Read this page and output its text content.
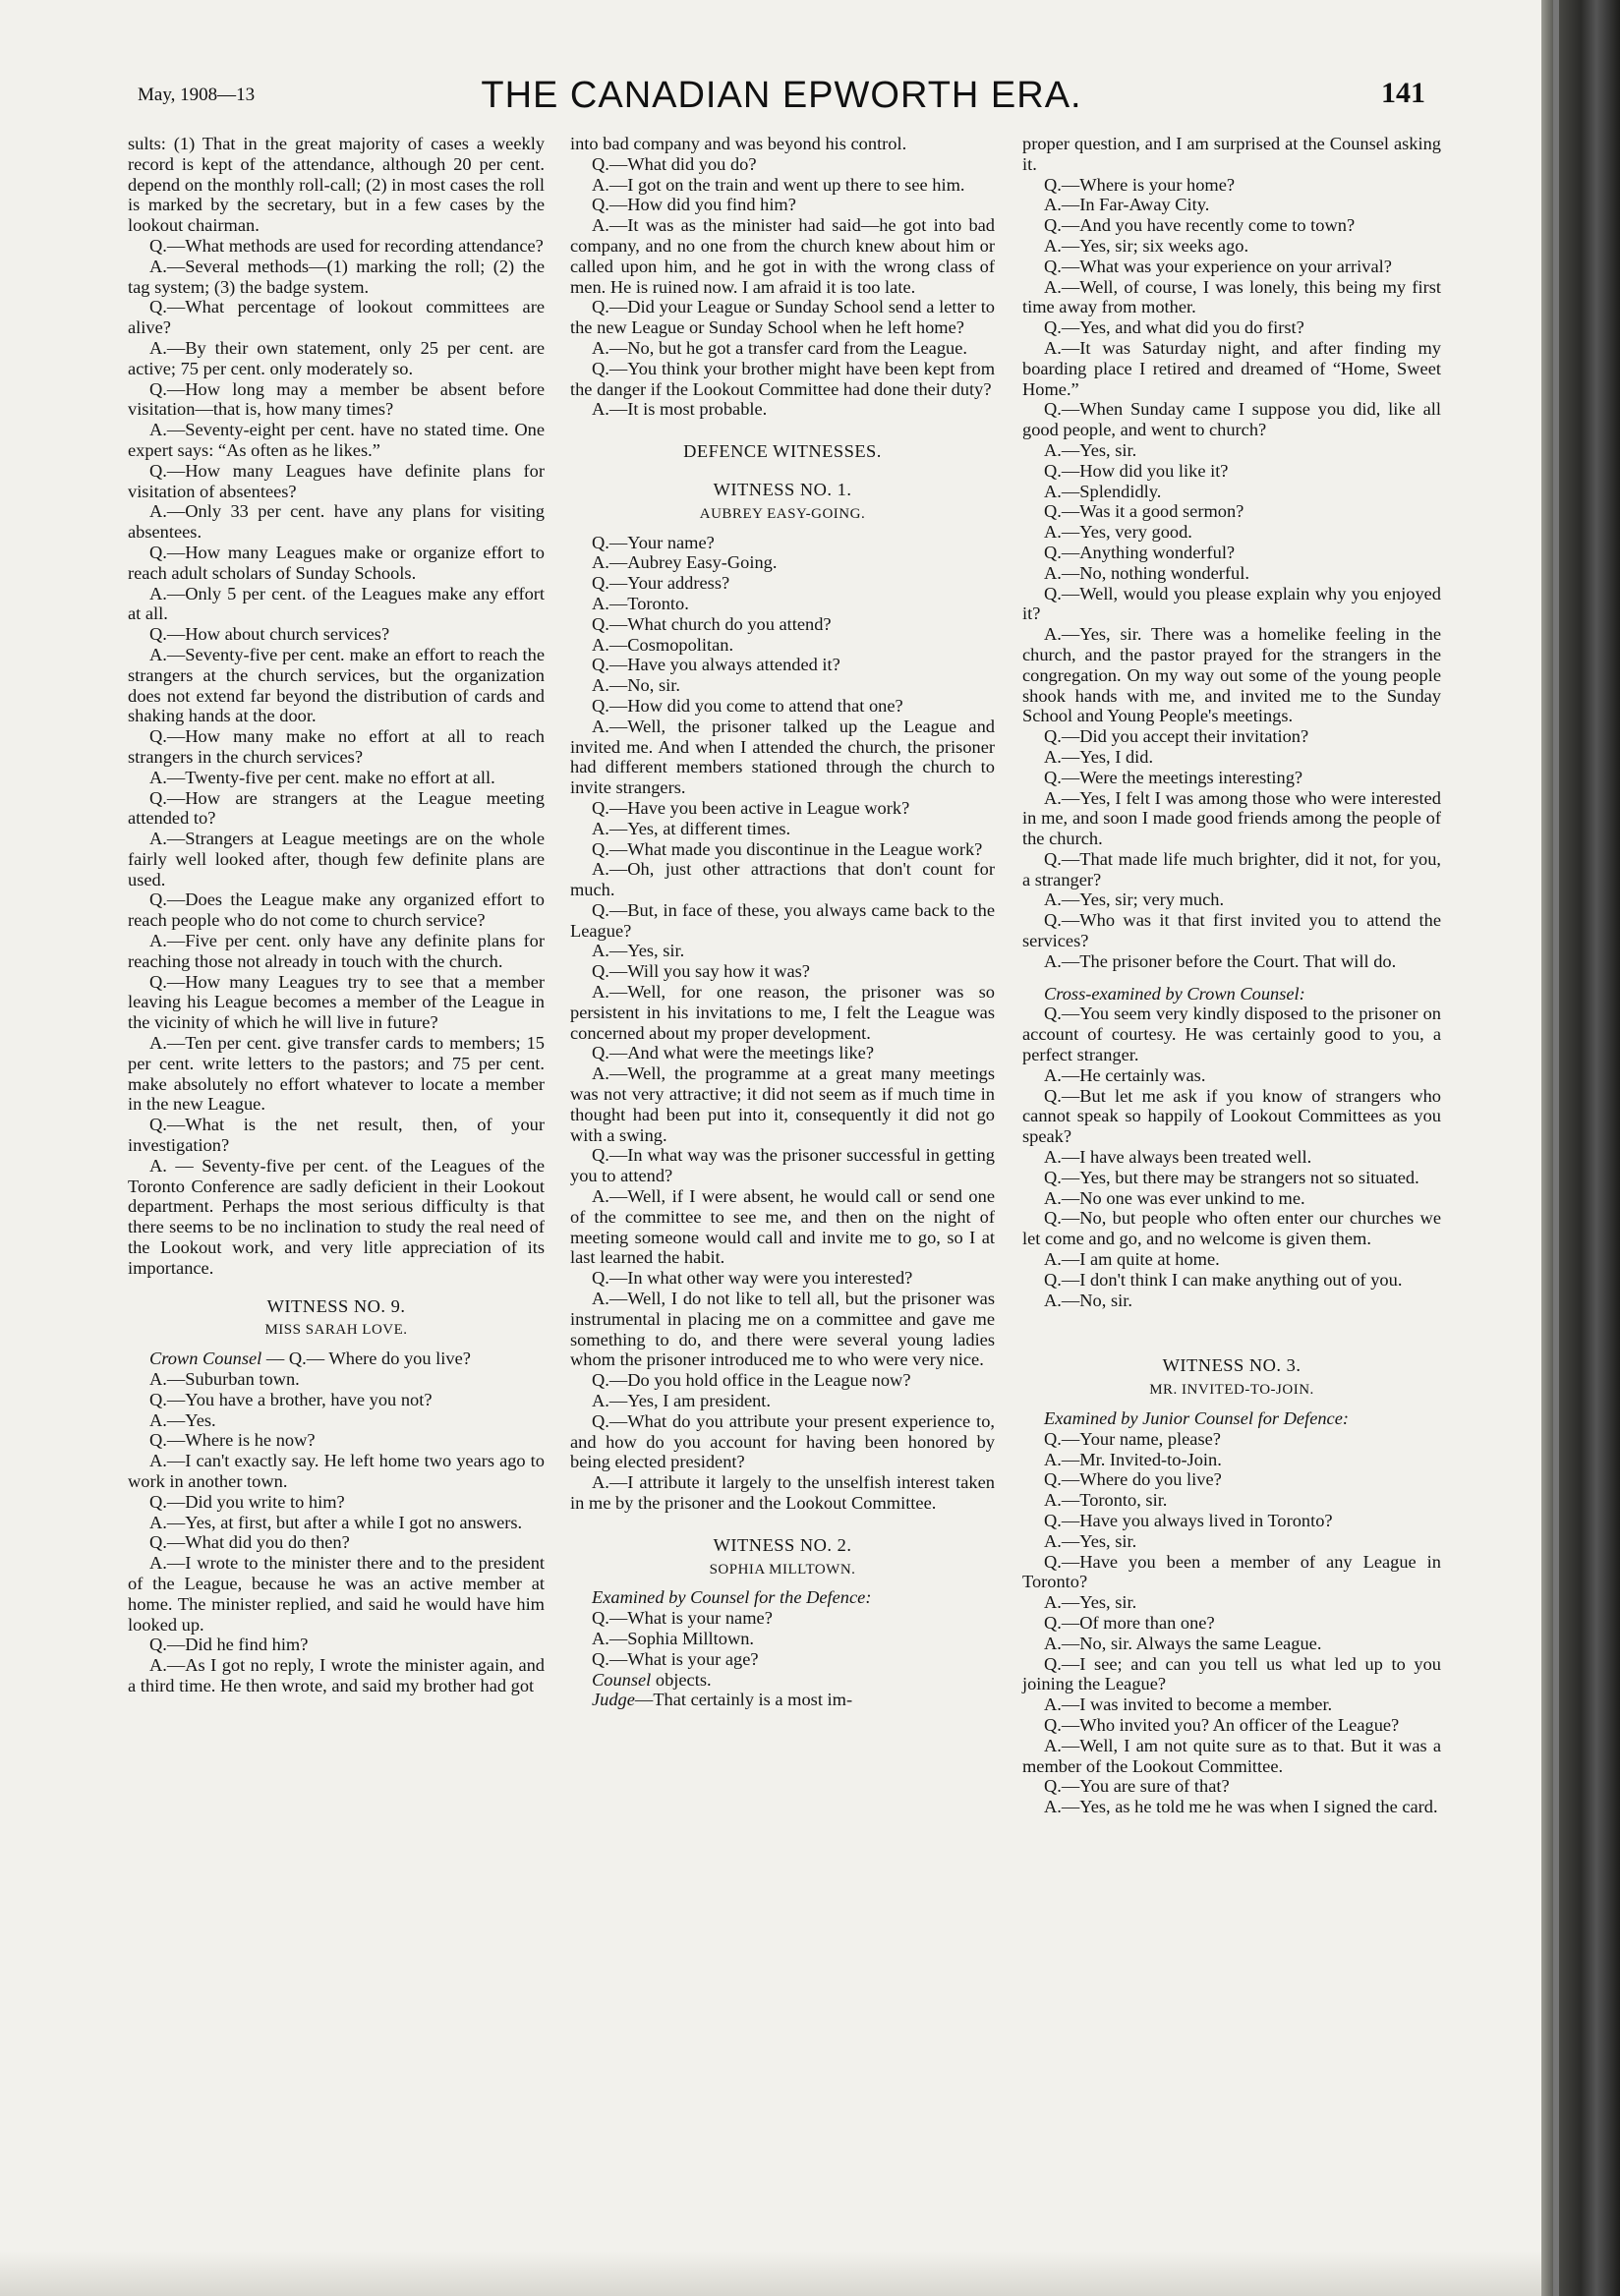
May, 1908—13	THE CANADIAN EPWORTH ERA.	141

sults: (1) That in the great majority of cases a weekly record is kept of the attendance, although 20 per cent. depend on the monthly roll-call; (2) in most cases the roll is marked by the secretary, but in a few cases by the lookout chairman.

Q.—What methods are used for recording attendance?

A.—Several methods—(1) marking the roll; (2) the tag system; (3) the badge system.

Q.—What percentage of lookout committees are alive?

A.—By their own statement, only 25 per cent. are active; 75 per cent. only moderately so.

Q.—How long may a member be absent before visitation—that is, how many times?

A.—Seventy-eight per cent. have no stated time. One expert says: “As often as he likes.”

Q.—How many Leagues have definite plans for visitation of absentees?

A.—Only 33 per cent. have any plans for visiting absentees.

Q.—How many Leagues make or organize effort to reach adult scholars of Sunday Schools.

A.—Only 5 per cent. of the Leagues make any effort at all.

Q.—How about church services?

A.—Seventy-five per cent. make an effort to reach the strangers at the church services, but the organization does not extend far beyond the distribution of cards and shaking hands at the door.

Q.—How many make no effort at all to reach strangers in the church services?

A.—Twenty-five per cent. make no effort at all.

Q.—How are strangers at the League meeting attended to?

A.—Strangers at League meetings are on the whole fairly well looked after, though few definite plans are used.

Q.—Does the League make any organized effort to reach people who do not come to church service?

A.—Five per cent. only have any definite plans for reaching those not already in touch with the church.

Q.—How many Leagues try to see that a member leaving his League becomes a member of the League in the vicinity of which he will live in future?

A.—Ten per cent. give transfer cards to members; 15 per cent. write letters to the pastors; and 75 per cent. make absolutely no effort whatever to locate a member in the new League.

Q.—What is the net result, then, of your investigation?

A. — Seventy-five per cent. of the Leagues of the Toronto Conference are sadly deficient in their Lookout department. Perhaps the most serious difficulty is that there seems to be no inclination to study the real need of the Lookout work, and very litle appreciation of its importance.

WITNESS NO. 9.

MISS SARAH LOVE.

Crown Counsel — Q.— Where do you live?

A.—Suburban town.

Q.—You have a brother, have you not?

A.—Yes.

Q.—Where is he now?

A.—I can't exactly say. He left home two years ago to work in another town.

Q.—Did you write to him?

A.—Yes, at first, but after a while I got no answers.

Q.—What did you do then?

A.—I wrote to the minister there and to the president of the League, because he was an active member at home. The minister replied, and said he would have him looked up.

Q.—Did he find him?

A.—As I got no reply, I wrote the minister again, and a third time. He then wrote, and said my brother had got

into bad company and was beyond his control.

Q.—What did you do?

A.—I got on the train and went up there to see him.

Q.—How did you find him?

A.—It was as the minister had said—he got into bad company, and no one from the church knew about him or called upon him, and he got in with the wrong class of men. He is ruined now. I am afraid it is too late.

Q.—Did your League or Sunday School send a letter to the new League or Sunday School when he left home?

A.—No, but he got a transfer card from the League.

Q.—You think your brother might have been kept from the danger if the Lookout Committee had done their duty?

A.—It is most probable.

DEFENCE WITNESSES.

WITNESS NO. 1.

AUBREY EASY-GOING.

Q.—Your name?

A.—Aubrey Easy-Going.

Q.—Your address?

A.—Toronto.

Q.—What church do you attend?

A.—Cosmopolitan.

Q.—Have you always attended it?

A.—No, sir.

Q.—How did you come to attend that one?

A.—Well, the prisoner talked up the League and invited me. And when I attended the church, the prisoner had different members stationed through the church to invite strangers.

Q.—Have you been active in League work?

A.—Yes, at different times.

Q.—What made you discontinue in the League work?

A.—Oh, just other attractions that don't count for much.

Q.—But, in face of these, you always came back to the League?

A.—Yes, sir.

Q.—Will you say how it was?

A.—Well, for one reason, the prisoner was so persistent in his invitations to me, I felt the League was concerned about my proper development.

Q.—And what were the meetings like?

A.—Well, the programme at a great many meetings was not very attractive; it did not seem as if much time in thought had been put into it, consequently it did not go with a swing.

Q.—In what way was the prisoner successful in getting you to attend?

A.—Well, if I were absent, he would call or send one of the committee to see me, and then on the night of meeting someone would call and invite me to go, so I at last learned the habit.

Q.—In what other way were you interested?

A.—Well, I do not like to tell all, but the prisoner was instrumental in placing me on a committee and gave me something to do, and there were several young ladies whom the prisoner introduced me to who were very nice.

Q.—Do you hold office in the League now?

A.—Yes, I am president.

Q.—What do you attribute your present experience to, and how do you account for having been honored by being elected president?

A.—I attribute it largely to the unselfish interest taken in me by the prisoner and the Lookout Committee.

WITNESS NO. 2.

SOPHIA MILLTOWN.

Examined by Counsel for the Defence:

Q.—What is your name?

A.—Sophia Milltown.

Q.—What is your age?

Counsel objects.

Judge—That certainly is a most im-

proper question, and I am surprised at the Counsel asking it.

Q.—Where is your home?

A.—In Far-Away City.

Q.—And you have recently come to town?

A.—Yes, sir; six weeks ago.

Q.—What was your experience on your arrival?

A.—Well, of course, I was lonely, this being my first time away from mother.

Q.—Yes, and what did you do first?

A.—It was Saturday night, and after finding my boarding place I retired and dreamed of “Home, Sweet Home.”

Q.—When Sunday came I suppose you did, like all good people, and went to church?

A.—Yes, sir.

Q.—How did you like it?

A.—Splendidly.

Q.—Was it a good sermon?

A.—Yes, very good.

Q.—Anything wonderful?

A.—No, nothing wonderful.

Q.—Well, would you please explain why you enjoyed it?

A.—Yes, sir. There was a homelike feeling in the church, and the pastor prayed for the strangers in the congregation. On my way out some of the young people shook hands with me, and invited me to the Sunday School and Young People's meetings.

Q.—Did you accept their invitation?

A.—Yes, I did.

Q.—Were the meetings interesting?

A.—Yes, I felt I was among those who were interested in me, and soon I made good friends among the people of the church.

Q.—That made life much brighter, did it not, for you, a stranger?

A.—Yes, sir; very much.

Q.—Who was it that first invited you to attend the services?

A.—The prisoner before the Court. That will do.

Cross-examined by Crown Counsel:

Q.—You seem very kindly disposed to the prisoner on account of courtesy. He was certainly good to you, a perfect stranger.

A.—He certainly was.

Q.—But let me ask if you know of strangers who cannot speak so happily of Lookout Committees as you speak?

A.—I have always been treated well.

Q.—Yes, but there may be strangers not so situated.

A.—No one was ever unkind to me.

Q.—No, but people who often enter our churches we let come and go, and no welcome is given them.

A.—I am quite at home.

Q.—I don't think I can make anything out of you.

A.—No, sir.

WITNESS NO. 3.

MR. INVITED-TO-JOIN.

Examined by Junior Counsel for Defence:

Q.—Your name, please?

A.—Mr. Invited-to-Join.

Q.—Where do you live?

A.—Toronto, sir.

Q.—Have you always lived in Toronto?

A.—Yes, sir.

Q.—Have you been a member of any League in Toronto?

A.—Yes, sir.

Q.—Of more than one?

A.—No, sir. Always the same League.

Q.—I see; and can you tell us what led up to you joining the League?

A.—I was invited to become a member.

Q.—Who invited you? An officer of the League?

A.—Well, I am not quite sure as to that. But it was a member of the Lookout Committee.

Q.—You are sure of that?

A.—Yes, as he told me he was when I signed the card.
